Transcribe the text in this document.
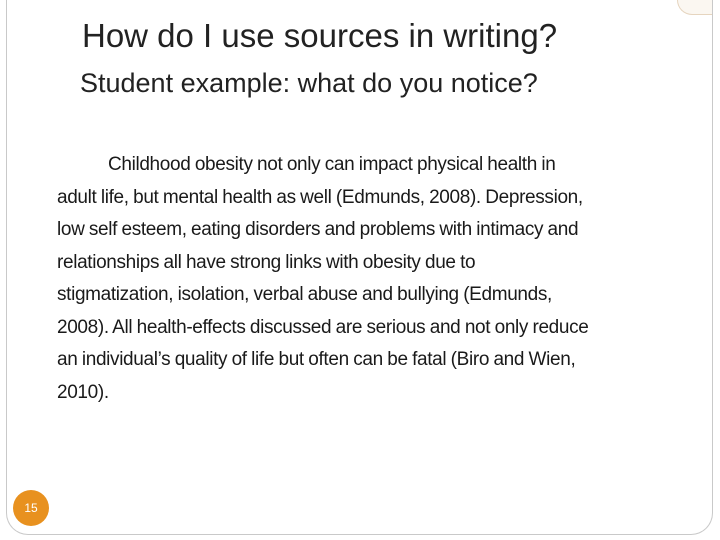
How do I use sources in writing?
Student example: what do you notice?
Childhood obesity not only can impact physical health in
adult life, but mental health as well (Edmunds, 2008). Depression,
low self esteem, eating disorders and problems with intimacy and
relationships all have strong links with obesity due to
stigmatization, isolation, verbal abuse and bullying (Edmunds,
2008). All health-effects discussed are serious and not only reduce
an individual’s quality of life but often can be fatal (Biro and Wien,
2010).
15
